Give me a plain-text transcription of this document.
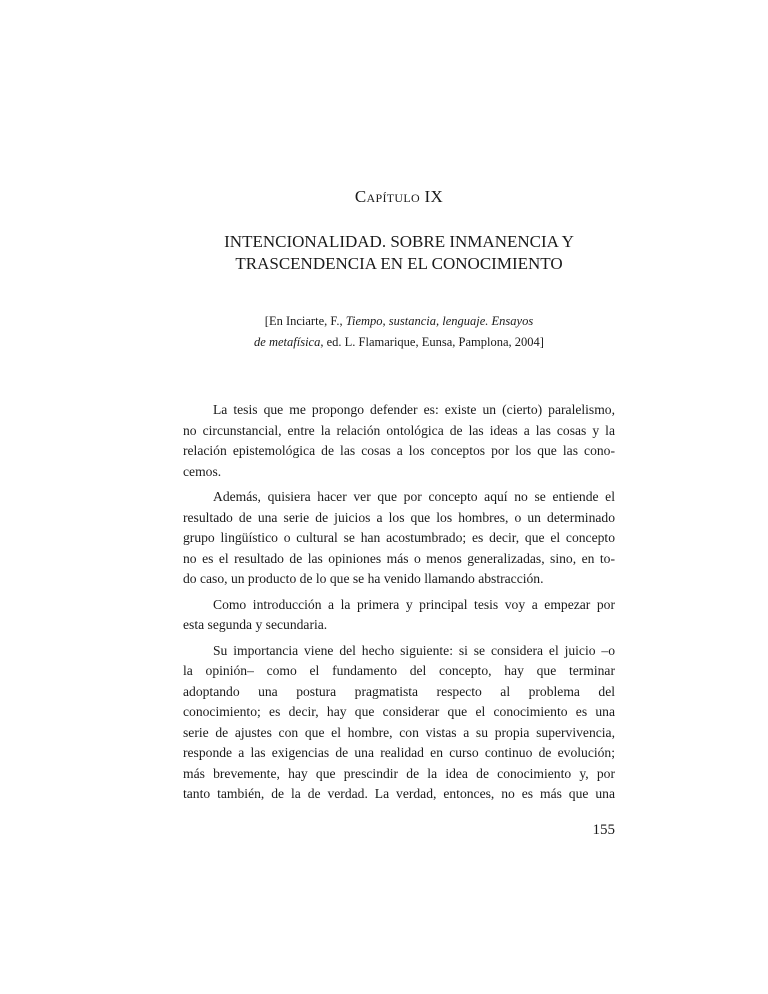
Capítulo IX
INTENCIONALIDAD. SOBRE INMANENCIA Y
TRASCENDENCIA EN EL CONOCIMIENTO
[En Inciarte, F., Tiempo, sustancia, lenguaje. Ensayos
de metafísica, ed. L. Flamarique, Eunsa, Pamplona, 2004]
La tesis que me propongo defender es: existe un (cierto) paralelismo,
no circunstancial, entre la relación ontológica de las ideas a las cosas y la
relación epistemológica de las cosas a los conceptos por los que las cono-
cemos.
Además, quisiera hacer ver que por concepto aquí no se entiende el
resultado de una serie de juicios a los que los hombres, o un determinado
grupo lingüístico o cultural se han acostumbrado; es decir, que el concepto
no es el resultado de las opiniones más o menos generalizadas, sino, en to-
do caso, un producto de lo que se ha venido llamando abstracción.
Como introducción a la primera y principal tesis voy a empezar por
esta segunda y secundaria.
Su importancia viene del hecho siguiente: si se considera el juicio –o
la opinión– como el fundamento del concepto, hay que terminar
adoptando una postura pragmatista respecto al problema del
conocimiento; es decir, hay que considerar que el conocimiento es una
serie de ajustes con que el hombre, con vistas a su propia supervivencia,
responde a las exigencias de una realidad en curso continuo de evolución;
más brevemente, hay que prescindir de la idea de conocimiento y, por
tanto también, de la de verdad. La verdad, entonces, no es más que una
155
